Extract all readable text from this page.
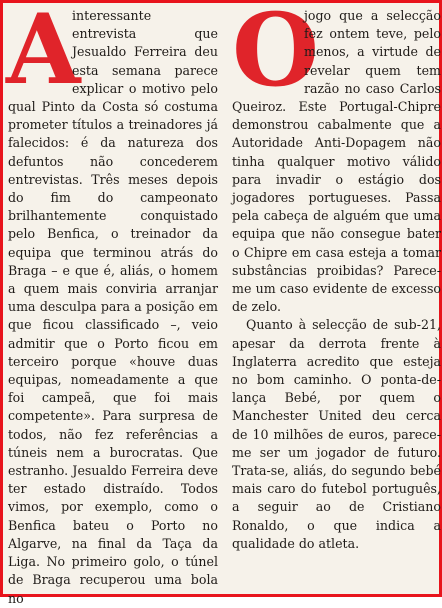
A
interessante entrevista que Jesualdo Ferreira deu esta semana parece explicar o motivo pelo qual Pinto da Costa só costuma prometer títulos a treinadores já falecidos: é da natureza dos defuntos não concederem entrevistas. Três meses depois do fim do campeonato brilhantemente conquistado pelo Benfica, o treinador da equipa que terminou atrás do Braga – e que é, aliás, o homem a quem mais conviria arranjar uma desculpa para a posição em que ficou classificado –, veio admitir que o Porto ficou em terceiro porque «houve duas equipas, nomeadamente a que foi campeã, que foi mais competente». Para surpresa de todos, não fez referências a túneis nem a burocratas. Que estranho. Jesualdo Ferreira deve ter estado distraído. Todos vimos, por exemplo, como o Benfica bateu o Porto no Algarve, na final da Taça da Liga. No primeiro golo, o túnel de Braga recuperou uma bola no

O
jogo que a selecção fez ontem teve, pelo menos, a virtude de revelar quem tem razão no caso Carlos Queiroz. Este Portugal-Chipre demonstrou cabalmente que a Autoridade Anti-Dopagem não tinha qualquer motivo válido para invadir o estágio dos jogadores portugueses. Passa pela cabeça de alguém que uma equipa que não consegue bater o Chipre em casa esteja a tomar substâncias proibidas? Parece-me um caso evidente de excesso de zelo.

Quanto à selecção de sub-21, apesar da derrota frente à Inglaterra acredito que esteja no bom caminho. O ponta-de-lança Bebé, por quem o Manchester United deu cerca de 10 milhões de euros, parece-me ser um jogador de futuro. Trata-se, aliás, do segundo bebé mais caro do futebol português, a seguir ao de Cristiano Ronaldo, o que indica a qualidade do atleta.
